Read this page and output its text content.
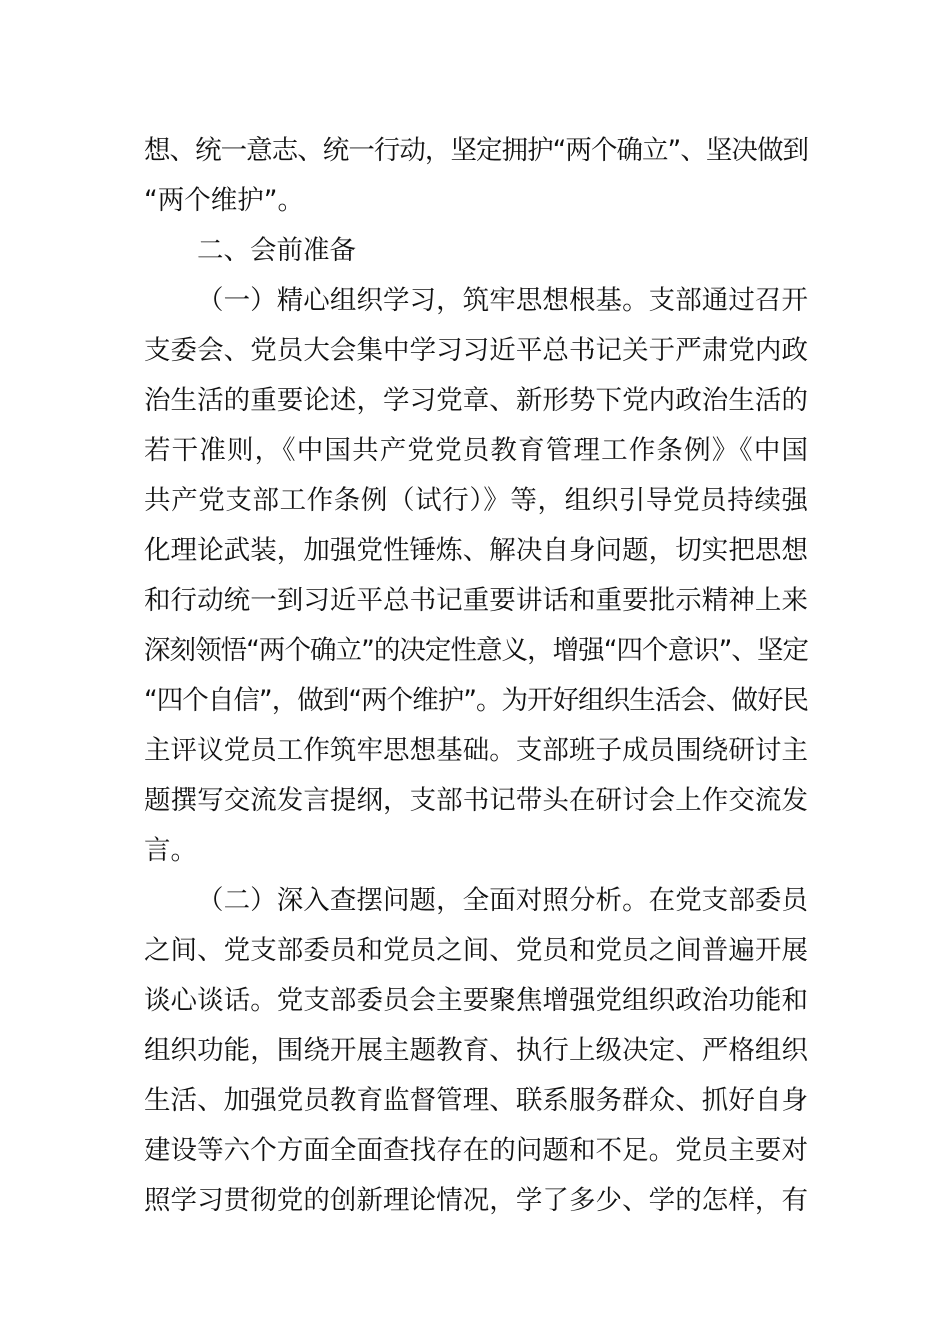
想、统一意志、统一行动，坚定拥护“两个确立”、坚决做到
“两个维护”。
二、会前准备
（一）精心组织学习，筑牢思想根基。支部通过召开
支委会、党员大会集中学习习近平总书记关于严肃党内政
治生活的重要论述，学习党章、新形势下党内政治生活的
若干准则，《中国共产党党员教育管理工作条例》《中国
共产党支部工作条例（试行）》等，组织引导党员持续强
化理论武装，加强党性锤炼、解决自身问题，切实把思想
和行动统一到习近平总书记重要讲话和重要批示精神上来
深刻领悟“两个确立”的决定性意义，增强“四个意识”、坚定
“四个自信”，做到“两个维护”。为开好组织生活会、做好民
主评议党员工作筑牢思想基础。支部班子成员围绕研讨主
题撰写交流发言提纲，支部书记带头在研讨会上作交流发
言。
（二）深入查摆问题，全面对照分析。在党支部委员
之间、党支部委员和党员之间、党员和党员之间普遍开展
谈心谈话。党支部委员会主要聚焦增强党组织政治功能和
组织功能，围绕开展主题教育、执行上级决定、严格组织
生活、加强党员教育监督管理、联系服务群众、抓好自身
建设等六个方面全面查找存在的问题和不足。党员主要对
照学习贯彻党的创新理论情况，学了多少、学的怎样，有
